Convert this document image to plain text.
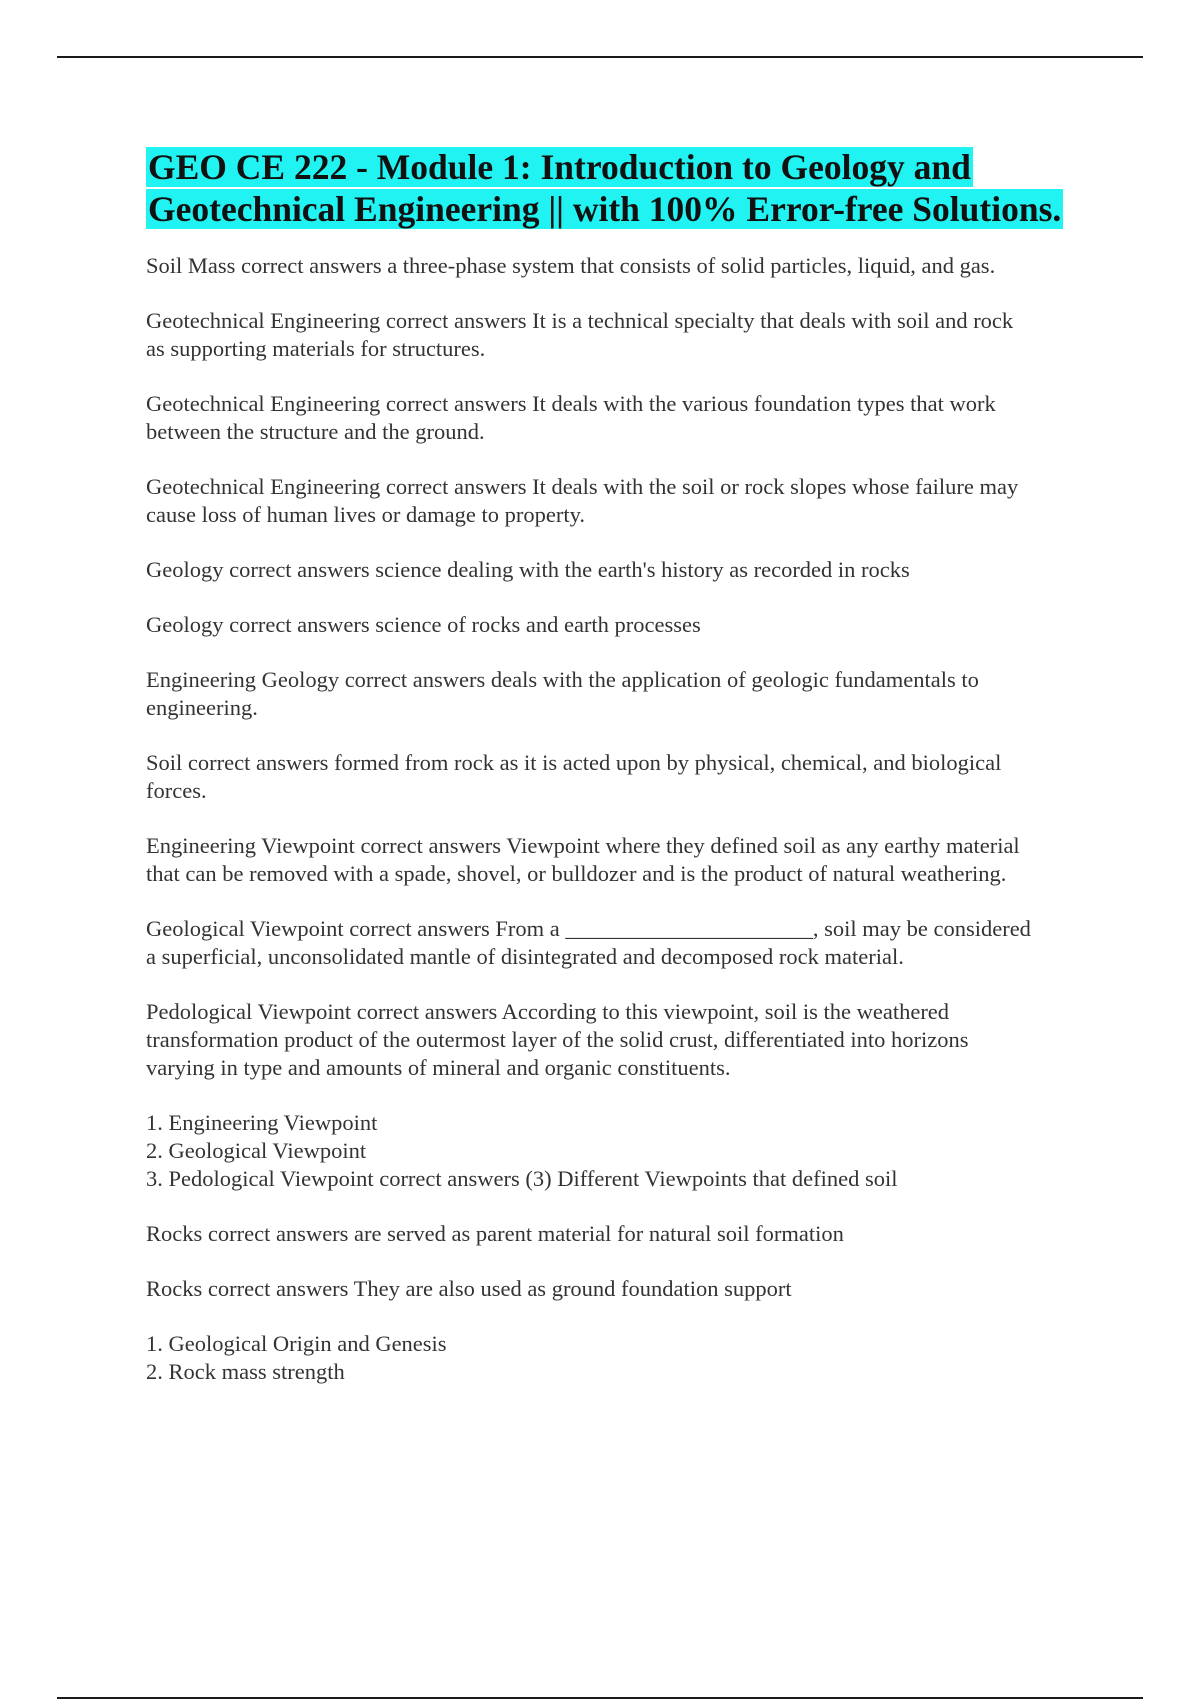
GEO CE 222 - Module 1: Introduction to Geology and Geotechnical Engineering || with 100% Error-free Solutions.
Soil Mass correct answers a three-phase system that consists of solid particles, liquid, and gas.
Geotechnical Engineering correct answers It is a technical specialty that deals with soil and rock
as supporting materials for structures.
Geotechnical Engineering correct answers It deals with the various foundation types that work
between the structure and the ground.
Geotechnical Engineering correct answers It deals with the soil or rock slopes whose failure may
cause loss of human lives or damage to property.
Geology correct answers science dealing with the earth's history as recorded in rocks
Geology correct answers science of rocks and earth processes
Engineering Geology correct answers deals with the application of geologic fundamentals to
engineering.
Soil correct answers formed from rock as it is acted upon by physical, chemical, and biological
forces.
Engineering Viewpoint correct answers Viewpoint where they defined soil as any earthy material
that can be removed with a spade, shovel, or bulldozer and is the product of natural weathering.
Geological Viewpoint correct answers From a ______________________, soil may be considered
a superficial, unconsolidated mantle of disintegrated and decomposed rock material.
Pedological Viewpoint correct answers According to this viewpoint, soil is the weathered
transformation product of the outermost layer of the solid crust, differentiated into horizons
varying in type and amounts of mineral and organic constituents.
1. Engineering Viewpoint
2. Geological Viewpoint
3. Pedological Viewpoint correct answers (3) Different Viewpoints that defined soil
Rocks correct answers are served as parent material for natural soil formation
Rocks correct answers They are also used as ground foundation support
1. Geological Origin and Genesis
2. Rock mass strength
